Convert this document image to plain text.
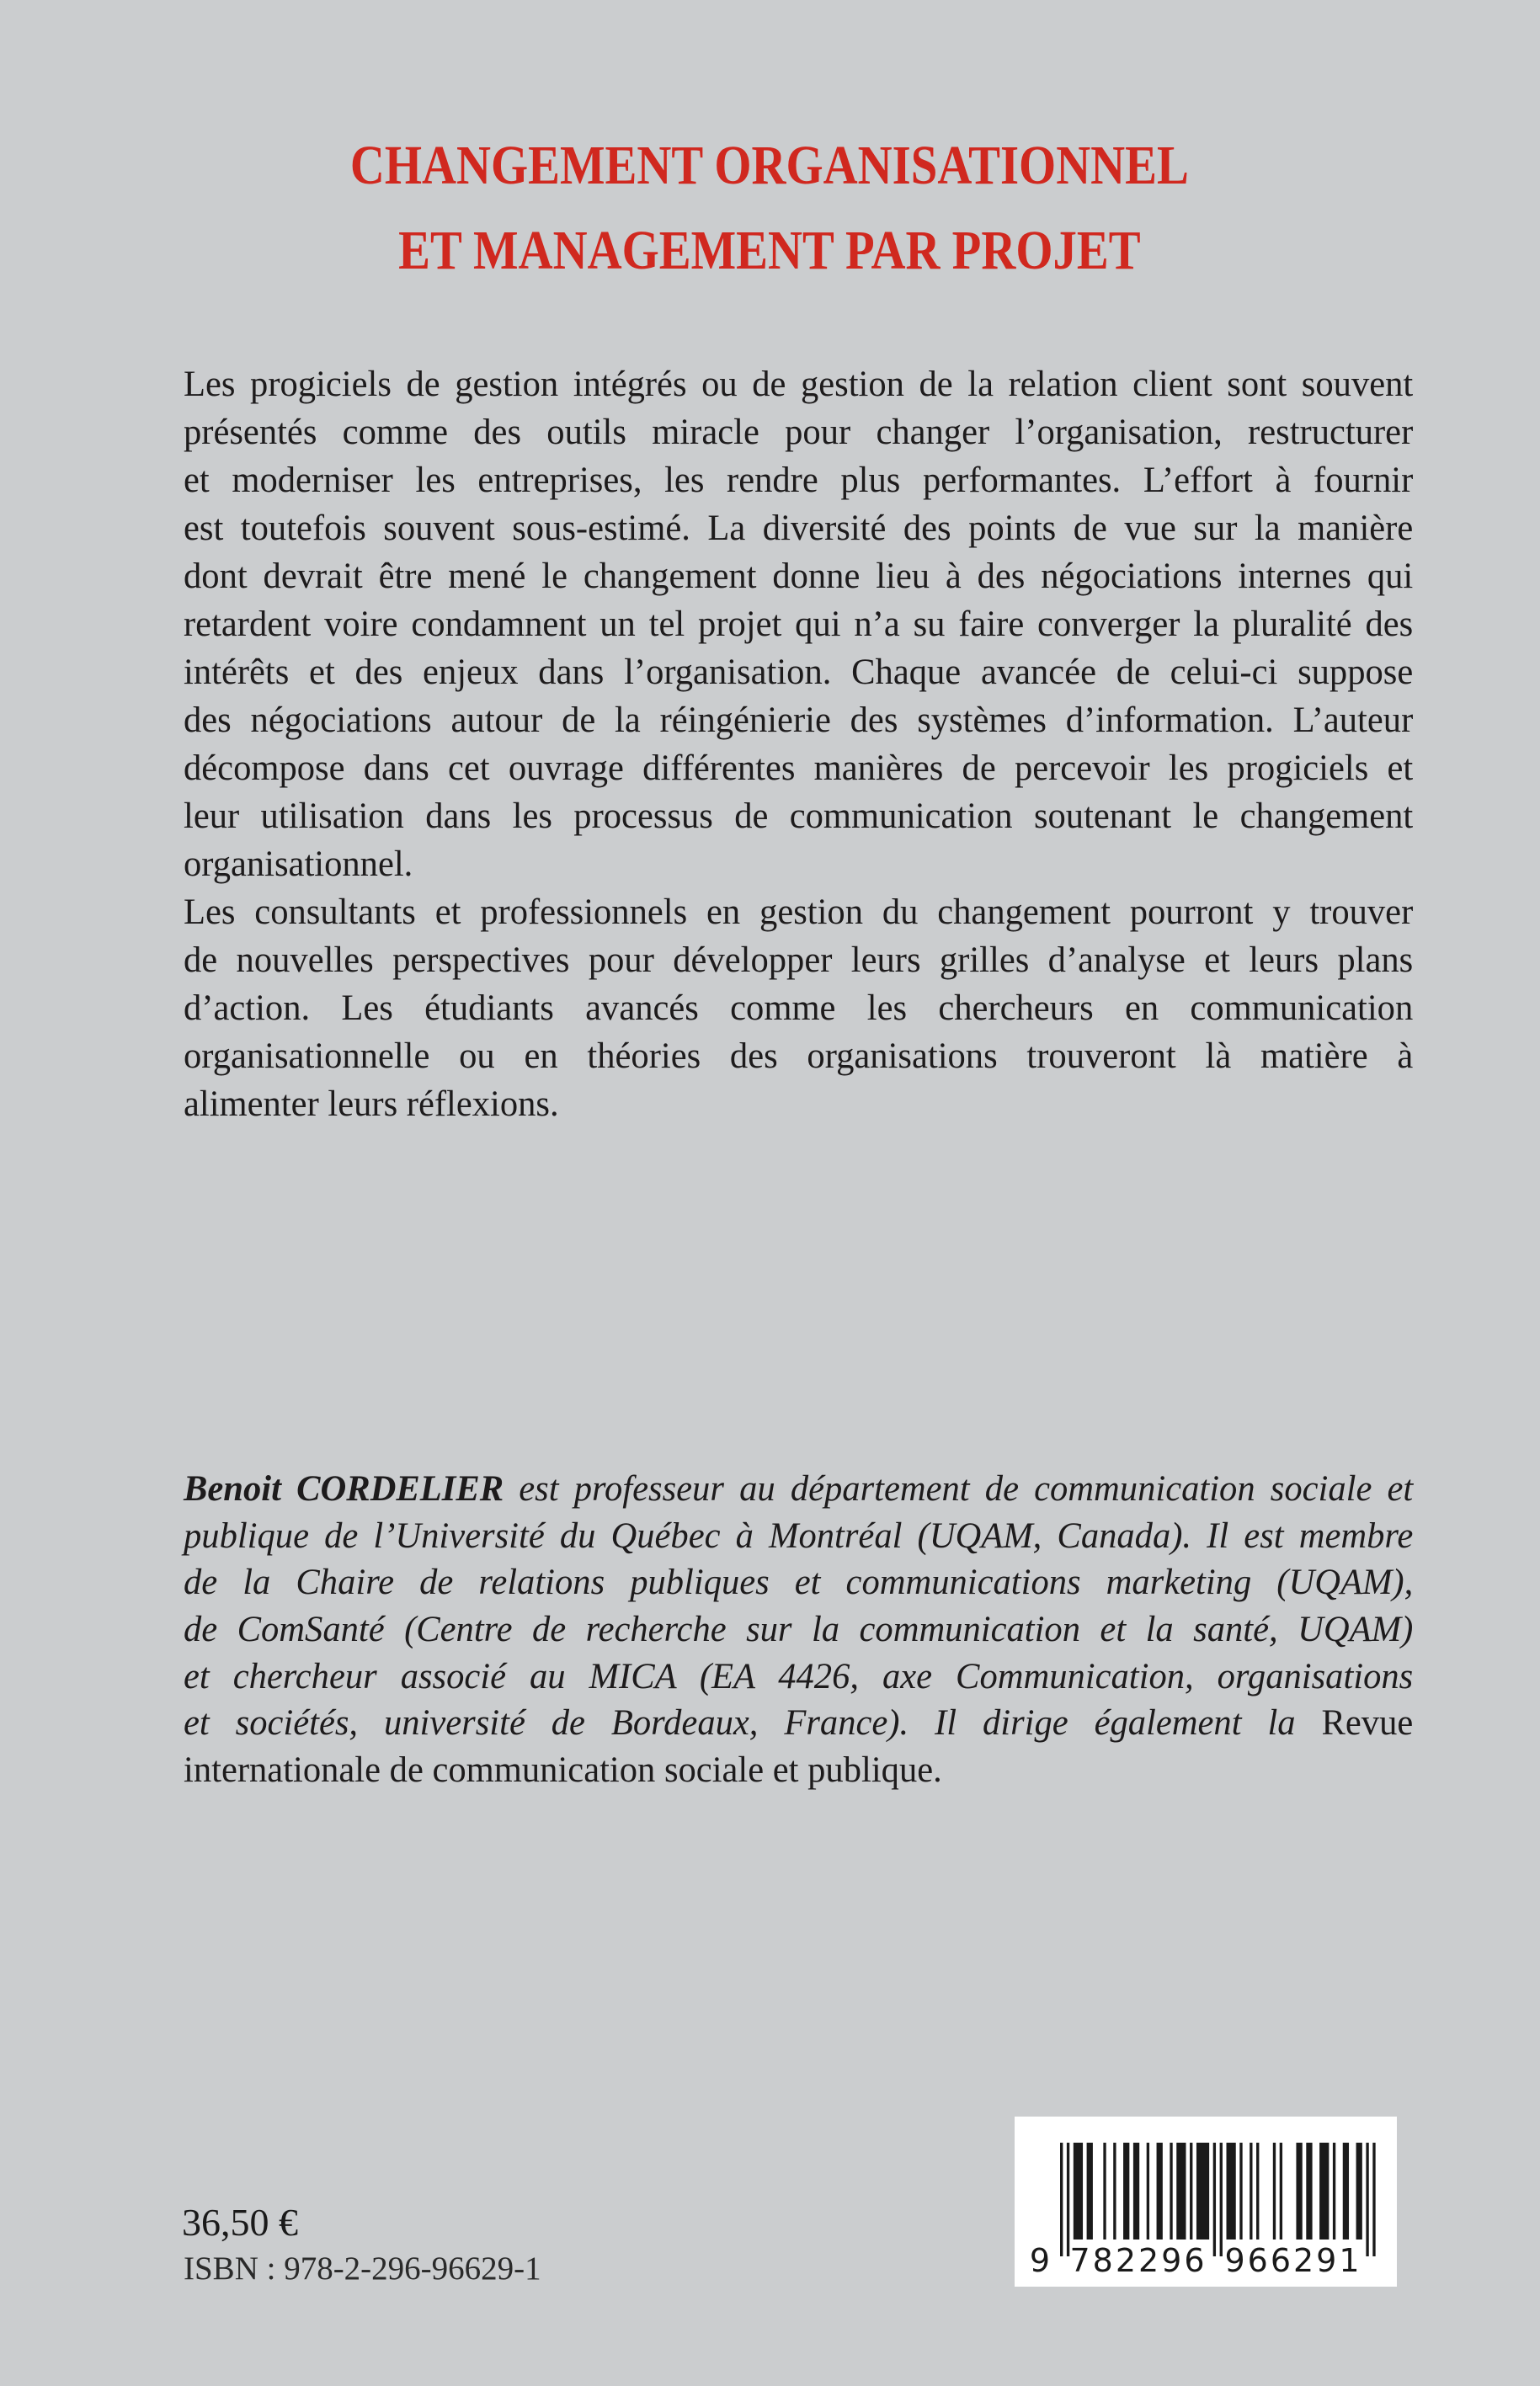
CHANGEMENT ORGANISATIONNEL
ET MANAGEMENT PAR PROJET
Les progiciels de gestion intégrés ou de gestion de la relation client sont souvent
présentés comme des outils miracle pour changer l’organisation, restructurer
et moderniser les entreprises, les rendre plus performantes. L’effort à fournir
est toutefois souvent sous-estimé. La diversité des points de vue sur la manière
dont devrait être mené le changement donne lieu à des négociations internes qui
retardent voire condamnent un tel projet qui n’a su faire converger la pluralité des
intérêts et des enjeux dans l’organisation. Chaque avancée de celui-ci suppose
des négociations autour de la réingénierie des systèmes d’information. L’auteur
décompose dans cet ouvrage différentes manières de percevoir les progiciels et
leur utilisation dans les processus de communication soutenant le changement
organisationnel.
Les consultants et professionnels en gestion du changement pourront y trouver
de nouvelles perspectives pour développer leurs grilles d’analyse et leurs plans
d’action. Les étudiants avancés comme les chercheurs en communication
organisationnelle ou en théories des organisations trouveront là matière à
alimenter leurs réflexions.
Benoit CORDELIER est professeur au département de communication sociale et
publique de l’Université du Québec à Montréal (UQAM, Canada). Il est membre
de la Chaire de relations publiques et communications marketing (UQAM),
de ComSanté (Centre de recherche sur la communication et la santé, UQAM)
et chercheur associé au MICA (EA 4426, axe Communication, organisations
et sociétés, université de Bordeaux, France). Il dirige également la Revue
internationale de communication sociale et publique.

36,50 €

ISBN : 978-2-296-96629-1	9 782296 966291
